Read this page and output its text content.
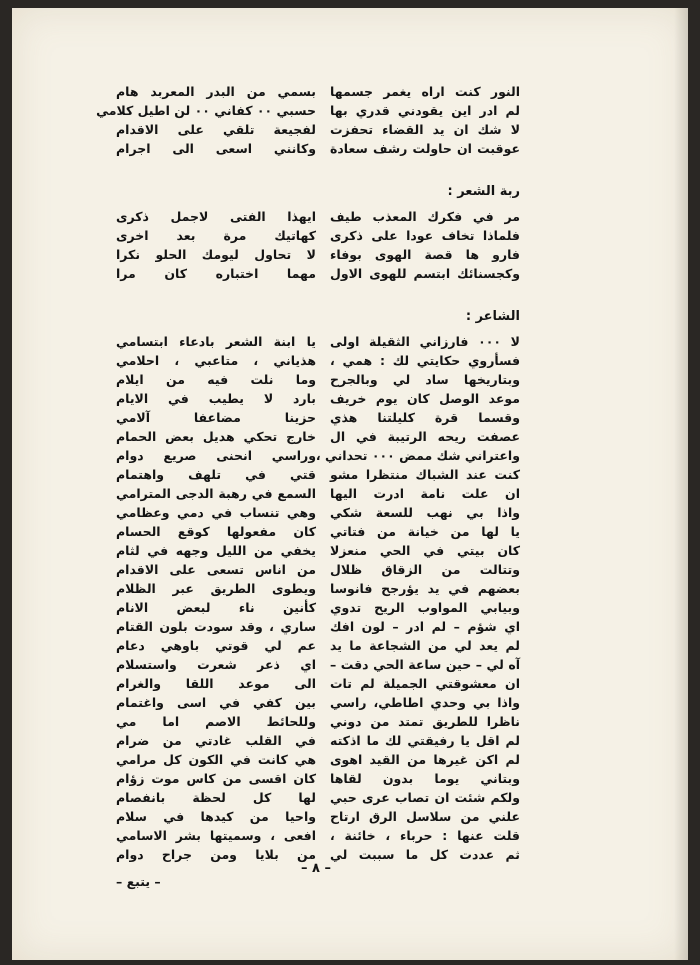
النور كنت اراه يغمر جسمها
لم ادر اين يقودني قدري بها
لا شك ان يد القضاء تحفزت
عوقبت ان حاولت رشف سعادة
ربة الشعر :
مر في فكرك المعذب طيف
فلماذا تخاف عودا على ذكرى
فارو ها قصة الهوى بوفاء
وكجسنائك ابتسم للهوى الاول
الشاعر :
لا ٠٠٠ فارزاني الثقيلة اولى
فسأروي حكايتي لك : همي ،
وبتاريخها ساد لي وبالجرح
موعد الوصل كان يوم خريف
وقسما قرة كليلتنا هذي
عصفت ريحه الرتيبة في ال
واعتراني شك ممض ٠٠٠ تحداني ،
كنت عند الشباك منتظرا مشو
ان علت نامة ادرت اليها
واذا بي نهب للسعة شكي
يا لها من خيانة من فتاتي
كان بيتي في الحي منعزلا
وتتالت من الزقاق ظلال
بعضهم في يد يؤرجح فانوسا
وبيابي المواوب الريح تدوي
اي شؤم – لم ادر – لون افك
لم يعد لي من الشجاعة ما يد
آه لي – حين ساعة الحي دقت –
ان معشوقتي الجميلة لم تات
واذا بي وحدي اطاطي، راسي
ناظرا للطريق تمتد من دوني
لم اقل يا رفيقتي لك ما اذكته
لم اكن غيرها من القيد اهوى
وبتاني يوما بدون لقاها
ولكم شئت ان تصاب عرى حبي
علني من سلاسل الرق ارتاح
قلت عنها : حرباء ، خائنة ،
ثم عددت كل ما سببت لي
بسمي من البدر المعربد هام
حسبي ٠٠ كفاني ٠٠ لن اطيل كلامي
لفجيعة تلقي على الاقدام
وكانني اسعى الى اجرام
ايهذا الفتى لاجمل ذكرى
كهاتيك مرة بعد اخرى
لا تحاول ليومك الحلو نكرا
مهما اختباره كان مرا
يا ابنة الشعر بادعاء ابتسامي
هذياني ، متاعبي ، احلامي
وما نلت فيه من ايلام
بارد لا يطيب في الايام
حزينا مضاعفا آلامي
خارج تحكي هديل بعض الحمام
وراسي انحنى صريع دوام
قتي في تلهف واهتمام
السمع في رهبة الدجى المترامي
وهي تنساب في دمي وعظامي
كان مفعولها كوقع الحسام
يخفي من الليل وجهه في لثام
من اناس تسعى على الاقدام
ويطوى الطريق عبر الظلام
كأنين ناء لبعض الانام
ساري ، وقد سودت بلون القتام
عم لي قوتي باوهي دعام
اي ذعر شعرت واستسلام
الى موعد اللقا والغرام
بين كفي في اسى واغتمام
وللحائط الاصم اما مي
في القلب غادتي من ضرام
هي كانت في الكون كل مرامي
كان اقسى من كاس موت زؤام
لها كل لحظة بانفصام
واحيا من كيدها في سلام
افعى ، وسميتها بشر الاسامي
من بلايا ومن جراح دوام
– يتبع –
– ٨ –
